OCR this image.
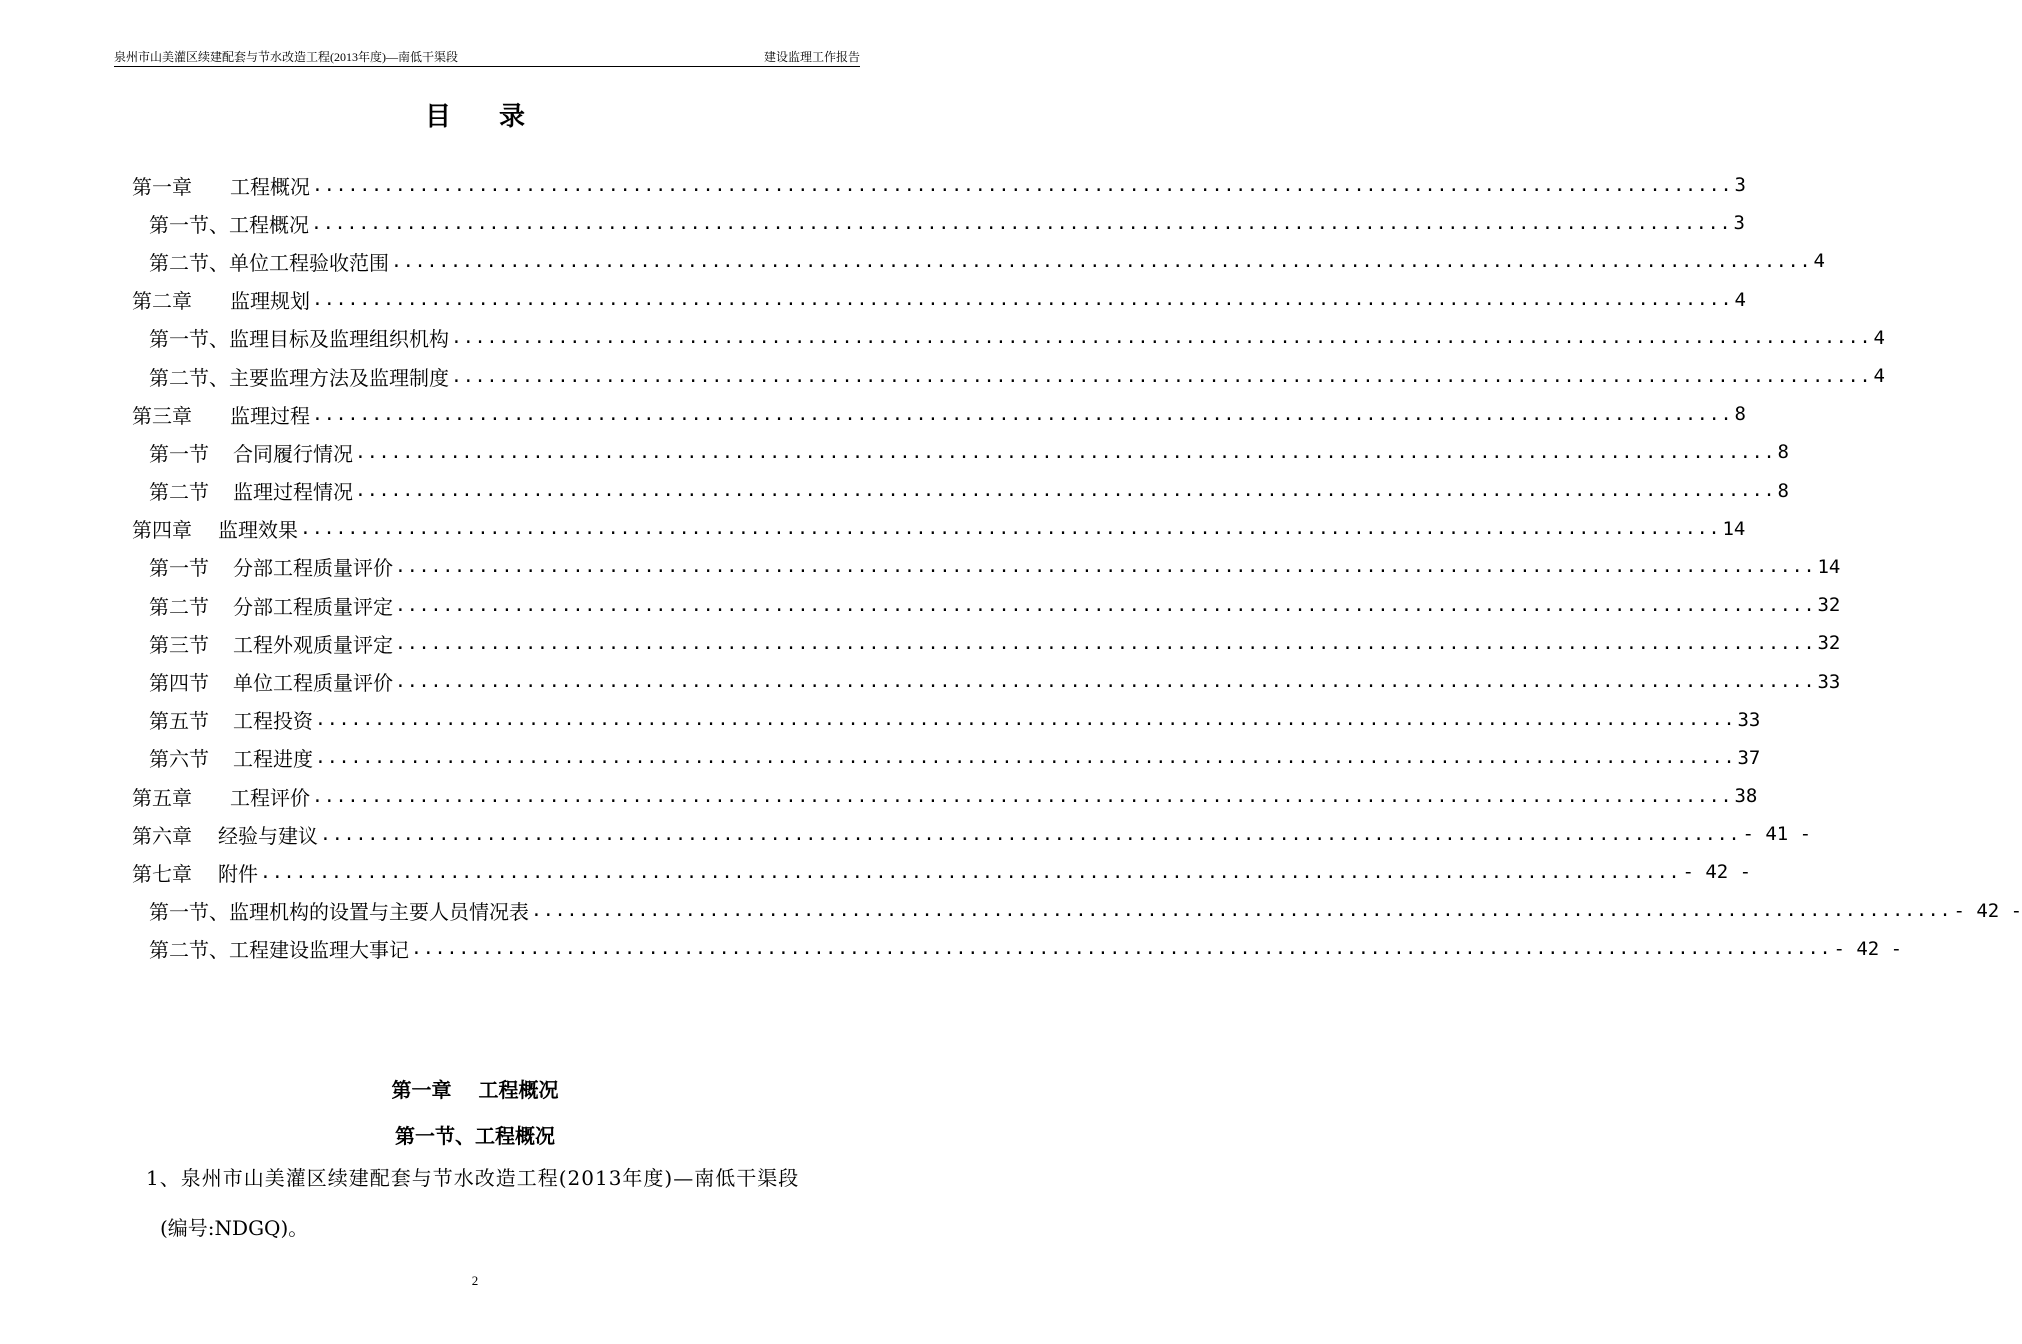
泉州市山美灌区续建配套与节水改造工程(2013年度)—南低干渠段	建设监理工作报告
目录
第一章 工程概况 ........................................................................................................................ 3
第一节、 工程概况 ........................................................................................................................ 3
第二节、 单位工程验收范围 ........................................................................................................................ 4
第二章 监理规划 ........................................................................................................................ 4
第一节、 监理目标及监理组织机构 ........................................................................................................................ 4
第二节、 主要监理方法及监理制度 ........................................................................................................................ 4
第三章 监理过程 ........................................................................................................................ 8
第一节 合同履行情况 ........................................................................................................................ 8
第二节 监理过程情况 ........................................................................................................................ 8
第四章 监理效果 ........................................................................................................................ 14
第一节 分部工程质量评价 ........................................................................................................................ 14
第二节 分部工程质量评定 ........................................................................................................................ 32
第三节 工程外观质量评定 ........................................................................................................................ 32
第四节 单位工程质量评价 ........................................................................................................................ 33
第五节 工程投资 ........................................................................................................................ 33
第六节 工程进度 ........................................................................................................................ 37
第五章 工程评价 ........................................................................................................................ 38
第六章 经验与建议 ........................................................................................................................ - 41 -
第七章 附件 ........................................................................................................................ - 42 -
第一节、 监理机构的设置与主要人员情况表 ........................................................................................................................ - 42 -
第二节、 工程建设监理大事记 ........................................................................................................................ - 42 -
第一章　 工程概况
第一节、工程概况
1、泉州市山美灌区续建配套与节水改造工程(2013年度)—南低干渠段
(编号:NDGQ)。
2
